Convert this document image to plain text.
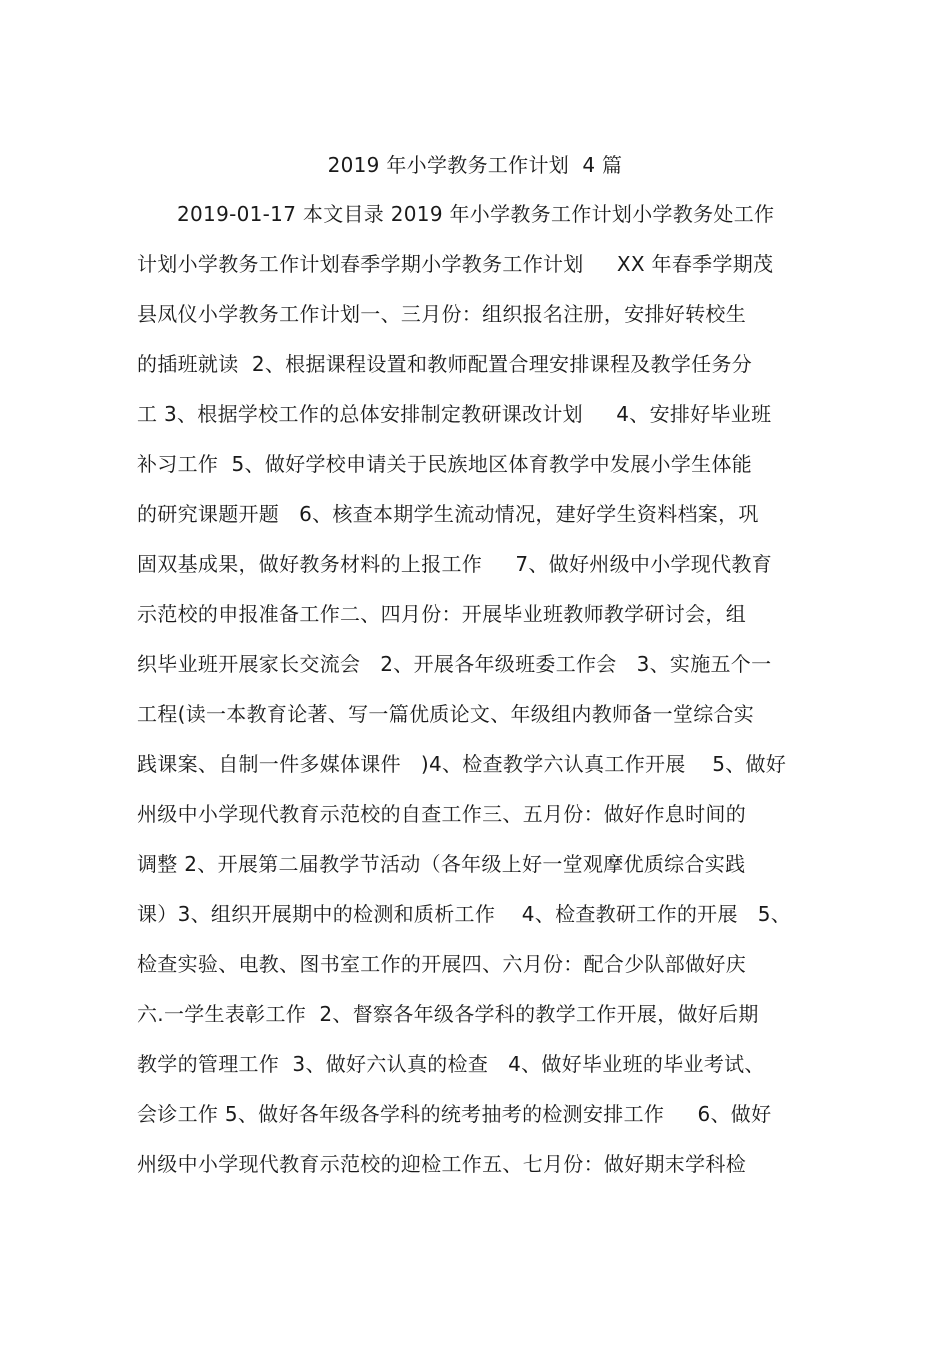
2019 年小学教务工作计划  4 篇
2019-01-17 本文目录 2019 年小学教务工作计划小学教务处工作
计划小学教务工作计划春季学期小学教务工作计划     XX 年春季学期茂
县凤仪小学教务工作计划一、三月份：组织报名注册，安排好转校生
的插班就读  2、根据课程设置和教师配置合理安排课程及教学任务分
工 3、根据学校工作的总体安排制定教研课改计划     4、安排好毕业班
补习工作  5、做好学校申请关于民族地区体育教学中发展小学生体能
的研究课题开题   6、核查本期学生流动情况，建好学生资料档案，巩
固双基成果，做好教务材料的上报工作     7、做好州级中小学现代教育
示范校的申报准备工作二、四月份：开展毕业班教师教学研讨会，组
织毕业班开展家长交流会   2、开展各年级班委工作会   3、实施五个一
工程(读一本教育论著、写一篇优质论文、年级组内教师备一堂综合实
践课案、自制一件多媒体课件   )4、检查教学六认真工作开展    5、做好
州级中小学现代教育示范校的自查工作三、五月份：做好作息时间的
调整 2、开展第二届教学节活动（各年级上好一堂观摩优质综合实践
课）3、组织开展期中的检测和质析工作    4、检查教研工作的开展   5、
检查实验、电教、图书室工作的开展四、六月份：配合少队部做好庆
六.一学生表彰工作  2、督察各年级各学科的教学工作开展，做好后期
教学的管理工作  3、做好六认真的检查   4、做好毕业班的毕业考试、
会诊工作 5、做好各年级各学科的统考抽考的检测安排工作     6、做好
州级中小学现代教育示范校的迎检工作五、七月份：做好期末学科检
